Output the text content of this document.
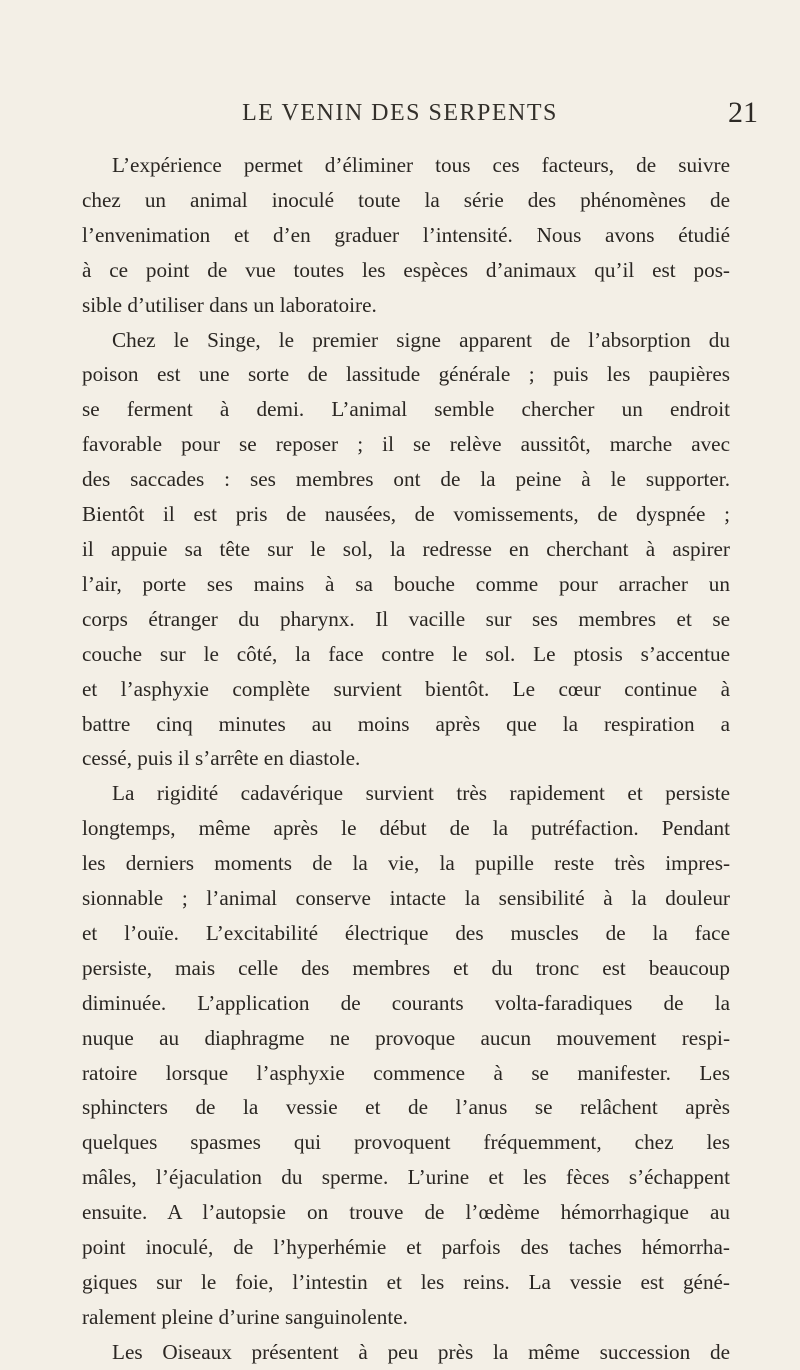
LE VENIN DES SERPENTS	21
L’expérience permet d’éliminer tous ces facteurs, de suivre
chez un animal inoculé toute la série des phénomènes de
l’envenimation et d’en graduer l’intensité. Nous avons étudié
à ce point de vue toutes les espèces d’animaux qu’il est pos-
sible d’utiliser dans un laboratoire.
Chez le Singe, le premier signe apparent de l’absorption du
poison est une sorte de lassitude générale ; puis les paupières
se ferment à demi. L’animal semble chercher un endroit
favorable pour se reposer ; il se relève aussitôt, marche avec
des saccades : ses membres ont de la peine à le supporter.
Bientôt il est pris de nausées, de vomissements, de dyspnée ;
il appuie sa tête sur le sol, la redresse en cherchant à aspirer
l’air, porte ses mains à sa bouche comme pour arracher un
corps étranger du pharynx. Il vacille sur ses membres et se
couche sur le côté, la face contre le sol. Le ptosis s’accentue
et l’asphyxie complète survient bientôt. Le cœur continue à
battre cinq minutes au moins après que la respiration a
cessé, puis il s’arrête en diastole.
La rigidité cadavérique survient très rapidement et persiste
longtemps, même après le début de la putréfaction. Pendant
les derniers moments de la vie, la pupille reste très impres-
sionnable ; l’animal conserve intacte la sensibilité à la douleur
et l’ouïe. L’excitabilité électrique des muscles de la face
persiste, mais celle des membres et du tronc est beaucoup
diminuée. L’application de courants volta-faradiques de la
nuque au diaphragme ne provoque aucun mouvement respi-
ratoire lorsque l’asphyxie commence à se manifester. Les
sphincters de la vessie et de l’anus se relâchent après
quelques spasmes qui provoquent fréquemment, chez les
mâles, l’éjaculation du sperme. L’urine et les fèces s’échappent
ensuite. A l’autopsie on trouve de l’œdème hémorrhagique au
point inoculé, de l’hyperhémie et parfois des taches hémorrha-
giques sur le foie, l’intestin et les reins. La vessie est géné-
ralement pleine d’urine sanguinolente.
Les Oiseaux présentent à peu près la même succession de
